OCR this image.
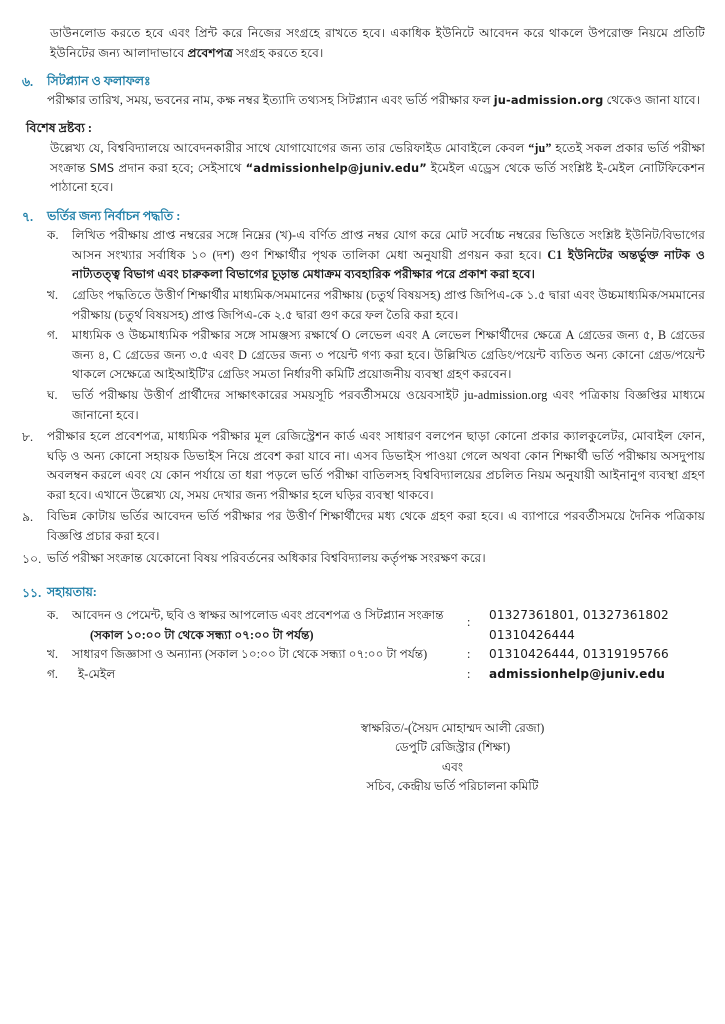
ডাউনলোড করতে হবে এবং প্রিন্ট করে নিজের সংগ্রহে রাখতে হবে। একাধিক ইউনিটে আবেদন করে থাকলে উপরোক্ত নিয়মে প্রতিটি ইউনিটের জন্য আলাদাভাবে প্রবেশপত্র সংগ্রহ করতে হবে।
৬.	সিটপ্ল্যান ও ফলাফলঃ
পরীক্ষার তারিখ, সময়, ভবনের নাম, কক্ষ নম্বর ইত্যাদি তথ্যসহ সিটপ্ল্যান এবং ভর্তি পরীক্ষার ফল ju-admission.org থেকেও জানা যাবে।
বিশেষ দ্রষ্টব্য :
উল্লেখ্য যে, বিশ্ববিদ্যালয়ে আবেদনকারীর সাথে যোগাযোগের জন্য তার ভেরিফাইড মোবাইলে কেবল “ju” হতেই সকল প্রকার ভর্তি পরীক্ষা সংক্রান্ত SMS প্রদান করা হবে; সেইসাথে “admissionhelp@juniv.edu” ইমেইল এড্রেস থেকে ভর্তি সংশ্লিষ্ট ই-মেইল নোটিফিকেশন পাঠানো হবে।
৭.	ভর্তির জন্য নির্বাচন পদ্ধতি :
ক.	লিখিত পরীক্ষায় প্রাপ্ত নম্বরের সঙ্গে নিম্নের (খ)-এ বর্ণিত প্রাপ্ত নম্বর যোগ করে মোট সর্বোচ্চ নম্বরের ভিত্তিতে সংশ্লিষ্ট ইউনিট/বিভাগের আসন সংখ্যার সর্বাধিক ১০ (দশ) গুণ শিক্ষার্থীর পৃথক তালিকা মেধা অনুযায়ী প্রণয়ন করা হবে। C1 ইউনিটের অন্তর্ভুক্ত নাটক ও নাট্যতত্ত্ব বিভাগ এবং চারুকলা বিভাগের চূড়ান্ত মেধাক্রম ব্যবহারিক পরীক্ষার পরে প্রকাশ করা হবে।
খ.	গ্রেডিং পদ্ধতিতে উত্তীর্ণ শিক্ষার্থীর মাধ্যমিক/সমমানের পরীক্ষায় (চতুর্থ বিষয়সহ) প্রাপ্ত জিপিএ-কে ১.৫ দ্বারা এবং উচ্চমাধ্যমিক/সমমানের পরীক্ষায় (চতুর্থ বিষয়সহ) প্রাপ্ত জিপিএ-কে ২.৫ দ্বারা গুণ করে ফল তৈরি করা হবে।
গ.	মাধ্যমিক ও উচ্চমাধ্যমিক পরীক্ষার সঙ্গে সামঞ্জস্য রক্ষার্থে O লেভেল এবং A লেভেল শিক্ষার্থীদের ক্ষেত্রে A গ্রেডের জন্য ৫, B গ্রেডের জন্য ৪, C গ্রেডের জন্য ৩.৫ এবং D গ্রেডের জন্য ৩ পয়েন্ট গণ্য করা হবে। উল্লিখিত গ্রেডিং/পয়েন্ট ব্যতিত অন্য কোনো গ্রেড/পয়েন্ট থাকলে সেক্ষেত্রে আইআইটি'র গ্রেডিং সমতা নির্ধারণী কমিটি প্রয়োজনীয় ব্যবস্থা গ্রহণ করবেন।
ঘ.	ভর্তি পরীক্ষায় উত্তীর্ণ প্রার্থীদের সাক্ষাৎকারের সময়সূচি পরবর্তীসময়ে ওয়েবসাইট ju-admission.org এবং পত্রিকায় বিজ্ঞপ্তির মাধ্যমে জানানো হবে।
৮.	পরীক্ষার হলে প্রবেশপত্র, মাধ্যমিক পরীক্ষার মূল রেজিস্ট্রেশন কার্ড এবং সাধারণ বলপেন ছাড়া কোনো প্রকার ক্যালকুলেটর, মোবাইল ফোন, ঘড়ি ও অন্য কোনো সহায়ক ডিভাইস নিয়ে প্রবেশ করা যাবে না। এসব ডিভাইস পাওয়া গেলে অথবা কোন শিক্ষার্থী ভর্তি পরীক্ষায় অসদুপায় অবলম্বন করলে এবং যে কোন পর্যায়ে তা ধরা পড়লে ভর্তি পরীক্ষা বাতিলসহ বিশ্ববিদ্যালয়ের প্রচলিত নিয়ম অনুযায়ী আইনানুগ ব্যবস্থা গ্রহণ করা হবে। এখানে উল্লেখ্য যে, সময় দেখার জন্য পরীক্ষার হলে ঘড়ির ব্যবস্থা থাকবে।
৯.	বিভিন্ন কোটায় ভর্তির আবেদন ভর্তি পরীক্ষার পর উত্তীর্ণ শিক্ষার্থীদের মধ্য থেকে গ্রহণ করা হবে। এ ব্যাপারে পরবর্তীসময়ে দৈনিক পত্রিকায় বিজ্ঞপ্তি প্রচার করা হবে।
১০. ভর্তি পরীক্ষা সংক্রান্ত যেকোনো বিষয় পরিবর্তনের অধিকার বিশ্ববিদ্যালয় কর্তৃপক্ষ সংরক্ষণ করে।
১১. সহায়তায়:
ক.	আবেদন ও পেমেন্ট, ছবি ও স্বাক্ষর আপলোড এবং প্রবেশপত্র ও সিটপ্ল্যান সংক্রান্ত
(সকাল ১০:০০ টা থেকে সন্ধ্যা ০৭:০০ টা পর্যন্ত)
	:	01327361801, 01327361802
01310426444

খ.	সাধারণ জিজ্ঞাসা ও অন্যান্য (সকাল ১০:০০ টা থেকে সন্ধ্যা ০৭:০০ টা পর্যন্ত)	:	01310426444, 01319195766

গ.	ই-মেইল	:	admissionhelp@juniv.edu
স্বাক্ষরিত/-(সৈয়দ মোহাম্মদ আলী রেজা)
ডেপুটি রেজিস্ট্রার (শিক্ষা)
এবং
সচিব, কেন্দ্রীয় ভর্তি পরিচালনা কমিটি
